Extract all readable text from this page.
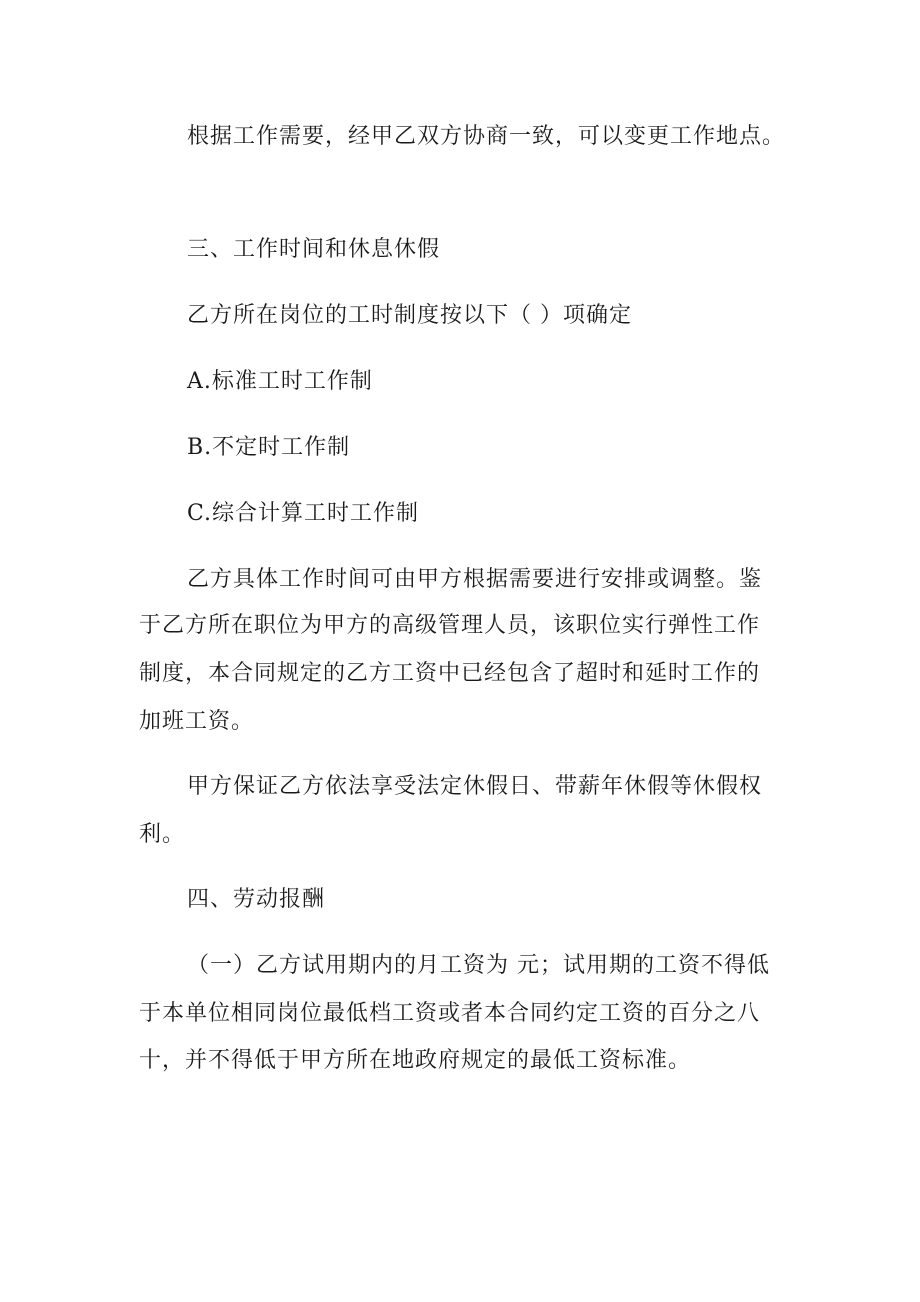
根据工作需要，经甲乙双方协商一致，可以变更工作地点。
三、工作时间和休息休假
乙方所在岗位的工时制度按以下（ ）项确定
A.标准工时工作制
B.不定时工作制
C.综合计算工时工作制
乙方具体工作时间可由甲方根据需要进行安排或调整。鉴
于乙方所在职位为甲方的高级管理人员，该职位实行弹性工作
制度，本合同规定的乙方工资中已经包含了超时和延时工作的
加班工资。
甲方保证乙方依法享受法定休假日、带薪年休假等休假权
利。
四、劳动报酬
（一）乙方试用期内的月工资为 元；试用期的工资不得低
于本单位相同岗位最低档工资或者本合同约定工资的百分之八
十，并不得低于甲方所在地政府规定的最低工资标准。
